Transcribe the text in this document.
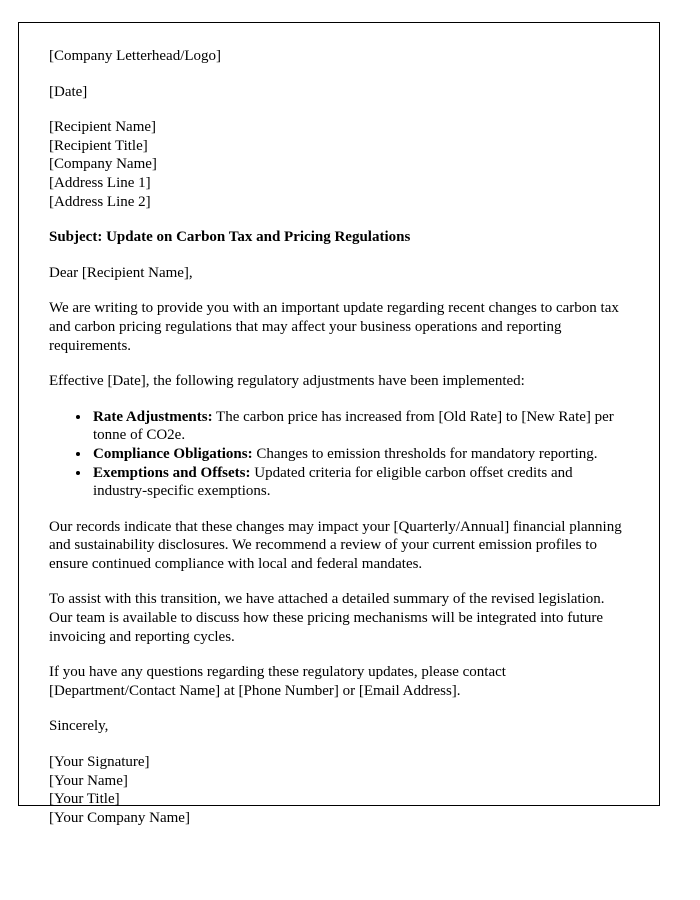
[Company Letterhead/Logo]

[Date]

[Recipient Name]

[Recipient Title]

[Company Name]

[Address Line 1]

[Address Line 2]

Subject: Update on Carbon Tax and Pricing Regulations

Dear [Recipient Name],

We are writing to provide you with an important update regarding recent changes to carbon tax and carbon pricing regulations that may affect your business operations and reporting requirements.

Effective [Date], the following regulatory adjustments have been implemented:

• Rate Adjustments: The carbon price has increased from [Old Rate] to [New Rate] per tonne of CO2e.
• Compliance Obligations: Changes to emission thresholds for mandatory reporting.
• Exemptions and Offsets: Updated criteria for eligible carbon offset credits and industry-specific exemptions.

Our records indicate that these changes may impact your [Quarterly/Annual] financial planning and sustainability disclosures. We recommend a review of your current emission profiles to ensure continued compliance with local and federal mandates.

To assist with this transition, we have attached a detailed summary of the revised legislation. Our team is available to discuss how these pricing mechanisms will be integrated into future invoicing and reporting cycles.

If you have any questions regarding these regulatory updates, please contact [Department/Contact Name] at [Phone Number] or [Email Address].

Sincerely,

[Your Signature]

[Your Name]

[Your Title]

[Your Company Name]
